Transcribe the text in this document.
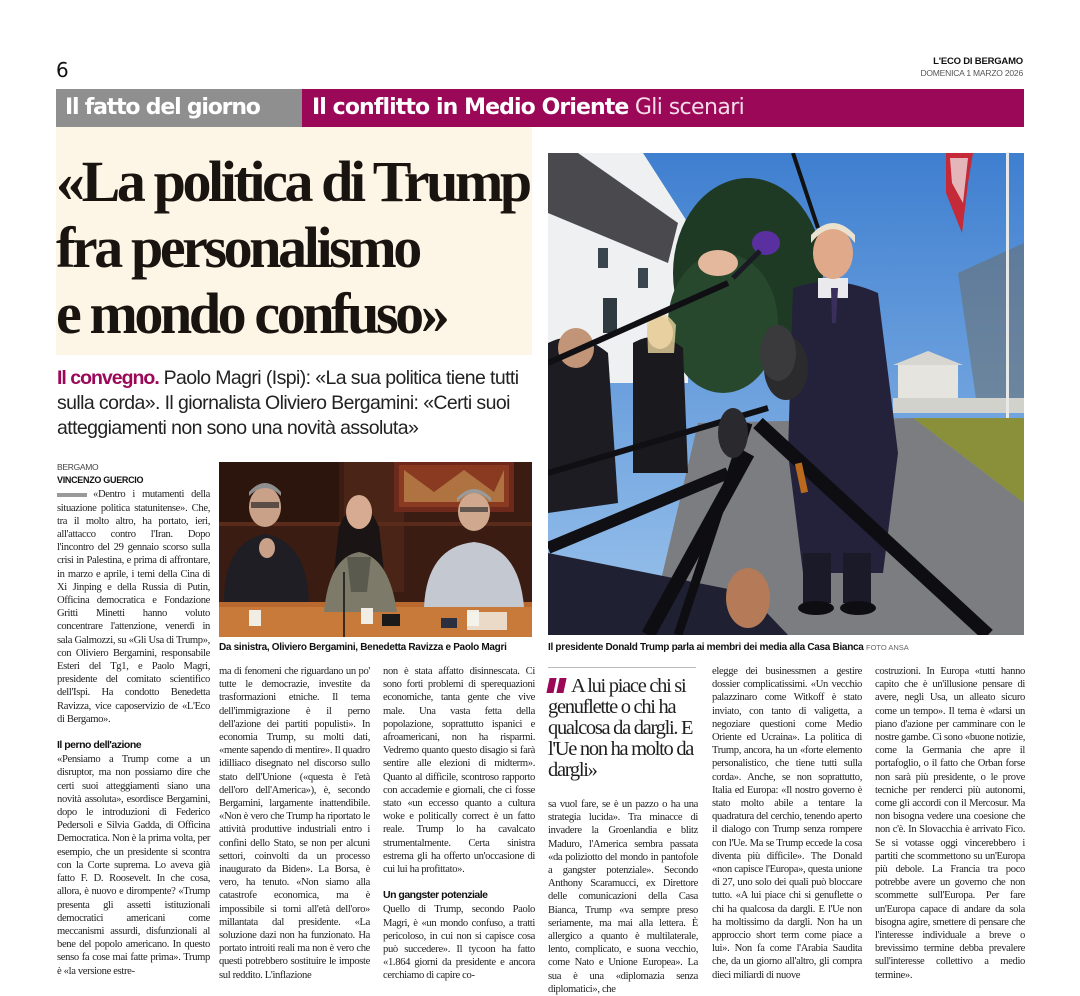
6	L'ECO DI BERGAMO
DOMENICA 1 MARZO 2026
Il fatto del giorno	Il conflitto in Medio Oriente Gli scenari
«La politica di Trump
fra personalismo
e mondo confuso»
Il convegno. Paolo Magri (Ispi): «La sua politica tiene tutti sulla corda». Il giornalista Oliviero Bergamini: «Certi suoi atteggiamenti non sono una novità assoluta»
BERGAMO
VINCENZO GUERCIO

«Dentro i mutamenti della situazione politica statunitense». Che, tra il molto altro, ha portato, ieri, all'attacco contro l'Iran. Dopo l'incontro del 29 gennaio scorso sulla crisi in Palestina, e prima di affrontare, in marzo e aprile, i temi della Cina di Xi Jinping e della Russia di Putin, Officina democratica e Fondazione Gritti Minetti hanno voluto concentrare l'attenzione, venerdì in sala Galmozzi, su «Gli Usa di Trump», con Oliviero Bergamini, responsabile Esteri del Tg1, e Paolo Magri, presidente del comitato scientifico dell'Ispi. Ha condotto Benedetta Ravizza, vice caposervizio de «L'Eco di Bergamo».

Il perno dell'azione

«Pensiamo a Trump come a un disruptor, ma non possiamo dire che certi suoi atteggiamenti siano una novità assoluta», esordisce Bergamini, dopo le introduzioni di Federico Pedersoli e Silvia Gadda, di Officina Democratica. Non è la prima volta, per esempio, che un presidente si scontra con la Corte suprema. Lo aveva già fatto F. D. Roosevelt. In che cosa, allora, è nuovo e dirompente? «Trump presenta gli assetti istituzionali democratici americani come meccanismi assurdi, disfunzionali al bene del popolo americano. In questo senso fa cose mai fatte prima». Trump è «la versione estre-

Da sinistra, Oliviero Bergamini, Benedetta Ravizza e Paolo Magri

ma di fenomeni che riguardano un po' tutte le democrazie, investite da trasformazioni etniche. Il tema dell'immigrazione è il perno dell'azione dei partiti populisti». In economia Trump, su molti dati, «mente sapendo di mentire». Il quadro idilliaco disegnato nel discorso sullo stato dell'Unione («questa è l'età dell'oro dell'America»), è, secondo Bergamini, largamente inattendibile. «Non è vero che Trump ha riportato le attività produttive industriali entro i confini dello Stato, se non per alcuni settori, coinvolti da un processo inaugurato da Biden». La Borsa, è vero, ha tenuto. «Non siamo alla catastrofe economica, ma è impossibile si torni all'età dell'oro» millantata dal presidente. «La soluzione dazi non ha funzionato. Ha portato introiti reali ma non è vero che questi potrebbero sostituire le imposte sul reddito. L'inflazione

non è stata affatto disinnescata. Ci sono forti problemi di sperequazioni economiche, tanta gente che vive male. Una vasta fetta della popolazione, soprattutto ispanici e afroamericani, non ha risparmi. Vedremo quanto questo disagio si farà sentire alle elezioni di midterm». Quanto al difficile, scontroso rapporto con accademie e giornali, che ci fosse stato «un eccesso quanto a cultura woke e politically correct è un fatto reale. Trump lo ha cavalcato strumentalmente. Certa sinistra estrema gli ha offerto un'occasione di cui lui ha profittato».

Un gangster potenziale

Quello di Trump, secondo Paolo Magri, è «un mondo confuso, a tratti pericoloso, in cui non si capisce cosa può succedere». Il tycoon ha fatto «1.864 giorni da presidente e ancora cerchiamo di capire co-

Il presidente Donald Trump parla ai membri dei media alla Casa Bianca FOTO ANSA
A lui piace chi si genuflette o chi ha qualcosa da dargli. E l'Ue non ha molto da dargli»

sa vuol fare, se è un pazzo o ha una strategia lucida». Tra minacce di invadere la Groenlandia e blitz Maduro, l'America sembra passata «da poliziotto del mondo in pantofole a gangster potenziale». Secondo Anthony Scaramucci, ex Direttore delle comunicazioni della Casa Bianca, Trump «va sempre preso seriamente, ma mai alla lettera. È allergico a quanto è multilaterale, lento, complicato, e suona vecchio, come Nato e Unione Europea». La sua è una «diplomazia senza diplomatici», che

elegge dei businessmen a gestire dossier complicatissimi. «Un vecchio palazzinaro come Witkoff è stato inviato, con tanto di valigetta, a negoziare questioni come Medio Oriente ed Ucraina». La politica di Trump, ancora, ha un «forte elemento personalistico, che tiene tutti sulla corda». Anche, se non soprattutto, Italia ed Europa: «Il nostro governo è stato molto abile a tentare la quadratura del cerchio, tenendo aperto il dialogo con Trump senza rompere con l'Ue. Ma se Trump eccede la cosa diventa più difficile». The Donald «non capisce l'Europa», questa unione di 27, uno solo dei quali può bloccare tutto. «A lui piace chi si genuflette o chi ha qualcosa da dargli. E l'Ue non ha moltissimo da dargli. Non ha un approccio short term come piace a lui». Non fa come l'Arabia Saudita che, da un giorno all'altro, gli compra dieci miliardi di nuove

costruzioni. In Europa «tutti hanno capito che è un'illusione pensare di avere, negli Usa, un alleato sicuro come un tempo». Il tema è «darsi un piano d'azione per camminare con le nostre gambe. Ci sono «buone notizie, come la Germania che apre il portafoglio, o il fatto che Orban forse non sarà più presidente, o le prove tecniche per renderci più autonomi, come gli accordi con il Mercosur. Ma non bisogna vedere una coesione che non c'è. In Slovacchia è arrivato Fico. Se si votasse oggi vincerebbero i partiti che scommettono su un'Europa più debole. La Francia tra poco potrebbe avere un governo che non scommette sull'Europa. Per fare un'Europa capace di andare da sola bisogna agire, smettere di pensare che l'interesse individuale a breve o brevissimo termine debba prevalere sull'interesse collettivo a medio termine».
